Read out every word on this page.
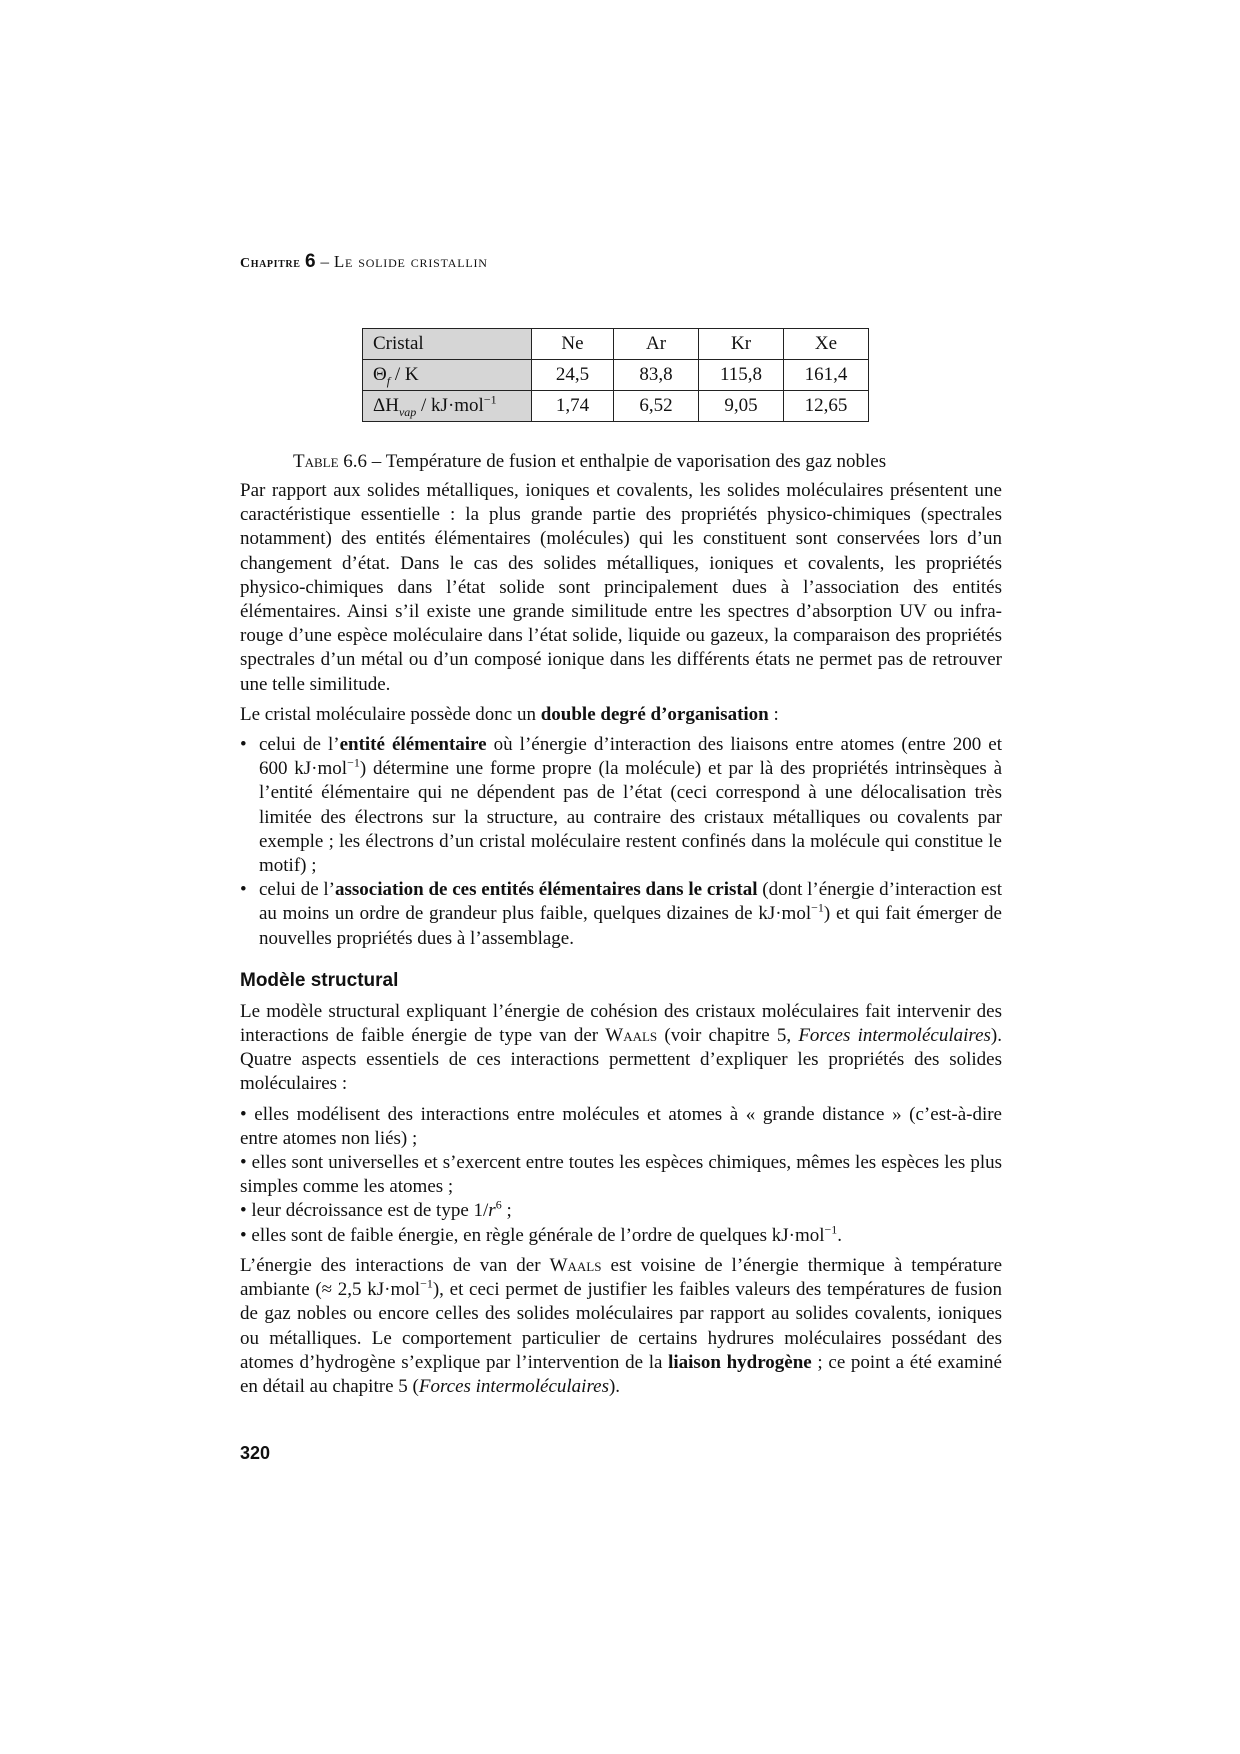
Chapitre 6 – Le solide cristallin
Cristal	Ne	Ar	Kr	Xe
$\Theta_f$ / K	24,5	83,8	115,8	161,4
$\Delta H_{vap} / kJ\cdot mol^{-1}$	1,74	6,52	9,05	12,65
Table 6.6 – Température de fusion et enthalpie de vaporisation des gaz nobles

Par rapport aux solides métalliques, ioniques et covalents, les solides moléculaires présentent une caractéristique essentielle : la plus grande partie des propriétés physico-chimiques (spectrales notamment) des entités élémentaires (molécules) qui les constituent sont conservées lors d’un changement d’état. Dans le cas des solides métalliques, ioniques et covalents, les propriétés physico-chimiques dans l’état solide sont principalement dues à l’association des entités élémentaires. Ainsi s’il existe une grande similitude entre les spectres d’absorption UV ou infra-rouge d’une espèce moléculaire dans l’état solide, liquide ou gazeux, la comparaison des propriétés spectrales d’un métal ou d’un composé ionique dans les différents états ne permet pas de retrouver une telle similitude.

Le cristal moléculaire possède donc un double degré d’organisation :

• celui de l’entité élémentaire où l’énergie d’interaction des liaisons entre atomes (entre 200 et 600 kJ·mol$^{-1}$) détermine une forme propre (la molécule) et par là des propriétés intrinsèques à l’entité élémentaire qui ne dépendent pas de l’état (ceci correspond à une délocalisation très limitée des électrons sur la structure, au contraire des cristaux métalliques ou covalents par exemple ; les électrons d’un cristal moléculaire restent confinés dans la molécule qui constitue le motif) ;
• celui de l’association de ces entités élémentaires dans le cristal (dont l’énergie d’interaction est au moins un ordre de grandeur plus faible, quelques dizaines de kJ·mol$^{-1}$) et qui fait émerger de nouvelles propriétés dues à l’assemblage.
Modèle structural

Le modèle structural expliquant l’énergie de cohésion des cristaux moléculaires fait intervenir des interactions de faible énergie de type van der Waals (voir chapitre 5, Forces intermoléculaires). Quatre aspects essentiels de ces interactions permettent d’expliquer les propriétés des solides moléculaires :

• elles modélisent des interactions entre molécules et atomes à « grande distance » (c’est-à-dire entre atomes non liés) ;
• elles sont universelles et s’exercent entre toutes les espèces chimiques, mêmes les espèces les plus simples comme les atomes ;
• leur décroissance est de type $1/r^6$ ;
• elles sont de faible énergie, en règle générale de l’ordre de quelques kJ·mol$^{-1}$.

L’énergie des interactions de van der Waals est voisine de l’énergie thermique à température ambiante (≈ 2,5 kJ·mol$^{-1}$), et ceci permet de justifier les faibles valeurs des températures de fusion de gaz nobles ou encore celles des solides moléculaires par rapport au solides covalents, ioniques ou métalliques. Le comportement particulier de certains hydrures moléculaires possédant des atomes d’hydrogène s’explique par l’intervention de la liaison hydrogène ; ce point a été examiné en détail au chapitre 5 (Forces intermoléculaires).

320
